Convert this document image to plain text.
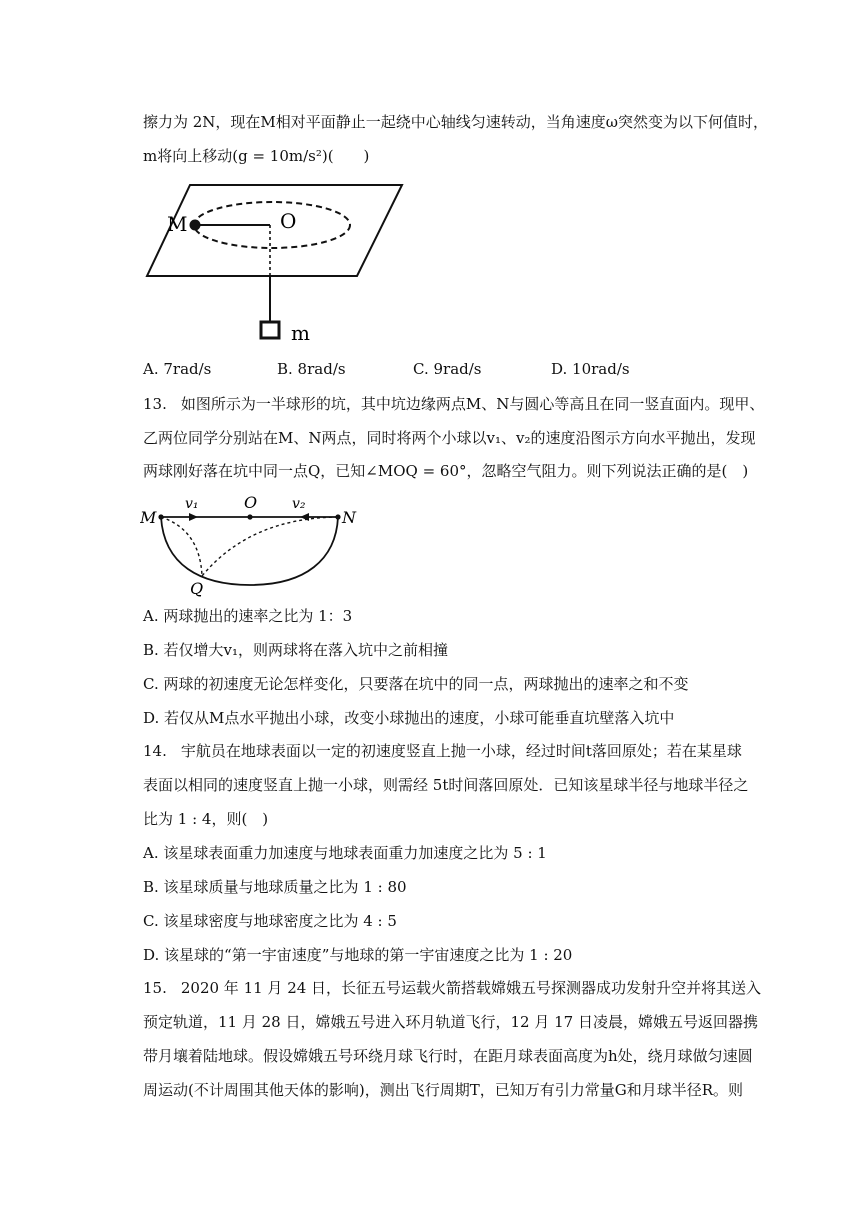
擦力为 2N，现在M相对平面静止一起绕中心轴线匀速转动，当角速度ω突然变为以下何值时，
m将向上移动(g = 10m/s²)(　　)
M	O
m
A. 7rad/s	B. 8rad/s	C. 9rad/s	D. 10rad/s
13. 如图所示为一半球形的坑，其中坑边缘两点M、N与圆心等高且在同一竖直面内。现甲、
乙两位同学分别站在M、N两点，同时将两个小球以v₁、v₂的速度沿图示方向水平抛出，发现
两球刚好落在坑中同一点Q，已知∠MOQ = 60°，忽略空气阻力。则下列说法正确的是(　)
M
O
N
Q
v₁	v₂
A. 两球抛出的速率之比为 1：3
B. 若仅增大v₁，则两球将在落入坑中之前相撞
C. 两球的初速度无论怎样变化，只要落在坑中的同一点，两球抛出的速率之和不变
D. 若仅从M点水平抛出小球，改变小球抛出的速度，小球可能垂直坑壁落入坑中
14. 宇航员在地球表面以一定的初速度竖直上抛一小球，经过时间t落回原处；若在某星球
表面以相同的速度竖直上抛一小球，则需经 5t时间落回原处．已知该星球半径与地球半径之
比为 1 : 4，则(　)
A. 该星球表面重力加速度与地球表面重力加速度之比为 5 : 1
B. 该星球质量与地球质量之比为 1 : 80
C. 该星球密度与地球密度之比为 4 : 5
D. 该星球的“第一宇宙速度”与地球的第一宇宙速度之比为 1 : 20
15. 2020 年 11 月 24 日，长征五号运载火箭搭载嫦娥五号探测器成功发射升空并将其送入
预定轨道，11 月 28 日，嫦娥五号进入环月轨道飞行，12 月 17 日凌晨，嫦娥五号返回器携
带月壤着陆地球。假设嫦娥五号环绕月球飞行时，在距月球表面高度为h处，绕月球做匀速圆
周运动(不计周围其他天体的影响)，测出飞行周期T，已知万有引力常量G和月球半径R。则
